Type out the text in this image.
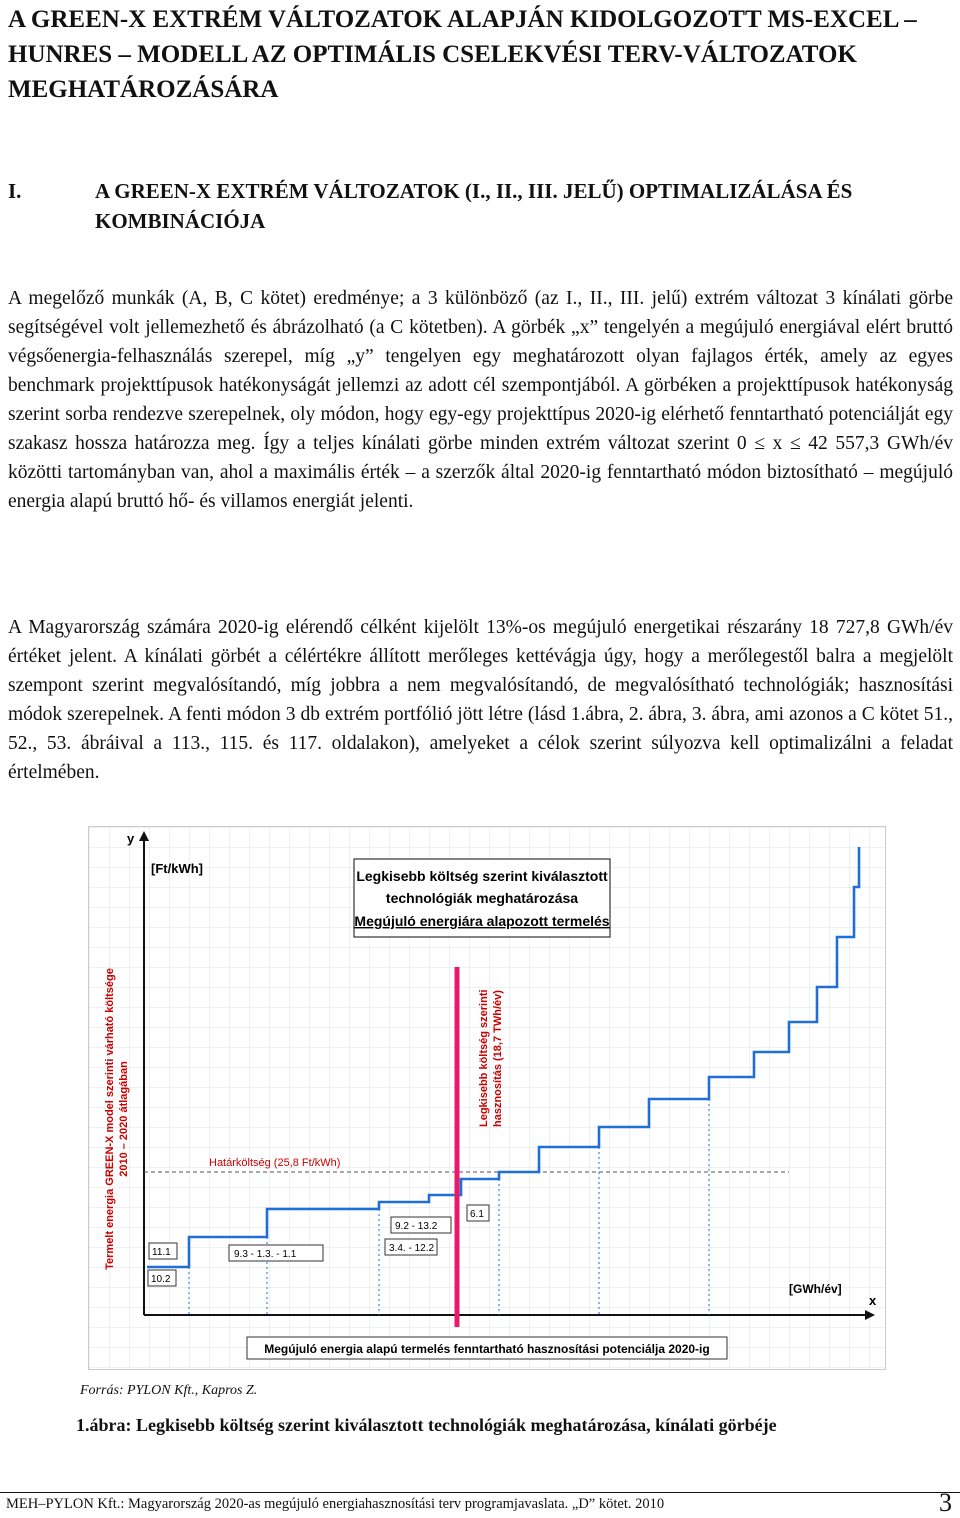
A GREEN-X EXTRÉM VÁLTOZATOK ALAPJÁN KIDOLGOZOTT MS-EXCEL – HUNRES – MODELL AZ OPTIMÁLIS CSELEKVÉSI TERV-VÁLTOZATOK MEGHATÁROZÁSÁRA
I.	A GREEN-X EXTRÉM VÁLTOZATOK (I., II., III. JELŰ) OPTIMALIZÁLÁSA ÉS KOMBINÁCIÓJA
A megelőző munkák (A, B, C kötet) eredménye; a 3 különböző (az I., II., III. jelű) extrém változat 3 kínálati görbe segítségével volt jellemezhető és ábrázolható (a C kötetben). A görbék „x” tengelyén a megújuló energiával elért bruttó végsőenergia-felhasználás szerepel, míg „y” tengelyen egy meghatározott olyan fajlagos érték, amely az egyes benchmark projekttípusok hatékonyságát jellemzi az adott cél szempontjából. A görbéken a projekttípusok hatékonyság szerint sorba rendezve szerepelnek, oly módon, hogy egy-egy projekttípus 2020-ig elérhető fenntartható potenciálját egy szakasz hossza határozza meg. Így a teljes kínálati görbe minden extrém változat szerint 0 ≤ x ≤ 42 557,3 GWh/év közötti tartományban van, ahol a maximális érték – a szerzők által 2020-ig fenntartható módon biztosítható – megújuló energia alapú bruttó hő- és villamos energiát jelenti.
A Magyarország számára 2020-ig elérendő célként kijelölt 13%-os megújuló energetikai részarány 18 727,8 GWh/év értéket jelent. A kínálati görbét a célértékre állított merőleges kettévágja úgy, hogy a merőlegestől balra a megjelölt szempont szerint megvalósítandó, míg jobbra a nem megvalósítandó, de megvalósítható technológiák; hasznosítási módok szerepelnek. A fenti módon 3 db extrém portfólió jött létre (lásd 1.ábra, 2. ábra, 3. ábra, ami azonos a C kötet 51., 52., 53. ábráival a 113., 115. és 117. oldalakon), amelyeket a célok szerint súlyozva kell optimalizálni a feladat értelmében.
y
[Ft/kWh]
x
[GWh/év]
Termelt energia GREEN-X model szerinti várható költsége 2010 – 2020 átlagában
Legkisebb költség szerint kiválasztott
technológiák meghatározása
Megújuló energiára alapozott termelés
Határköltség (25,8 Ft/kWh)
Legkisebb költség szerinti hasznosítás (18,7 TWh/év)
10.2
11.1	9.3 - 1.3. - 1.1
9.2 - 13.2
3.4. - 12.2
6.1
Megújuló energia alapú termelés fenntartható hasznosítási potenciálja 2020-ig
Forrás: PYLON Kft., Kapros Z.
1.ábra: Legkisebb költség szerint kiválasztott technológiák meghatározása, kínálati görbéje
MEH–PYLON Kft.: Magyarország 2020-as megújuló energiahasznosítási terv programjavaslata. „D” kötet. 2010	3
